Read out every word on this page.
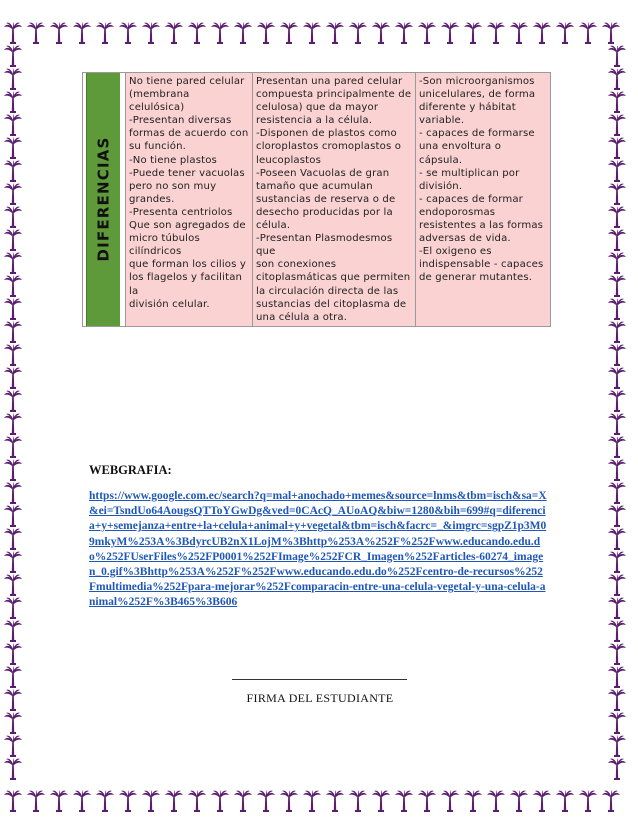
DIFERENCIAS

No tiene pared celular
(membrana
celulósica)
-Presentan diversas
formas de acuerdo con
su función.
-No tiene plastos
-Puede tener vacuolas
pero no son muy
grandes.
-Presenta centriolos
Que son agregados de
micro túbulos cilíndricos
que forman los cilios y
los flagelos y facilitan la
división celular.

Presentan una pared celular
compuesta principalmente de
celulosa) que da mayor
resistencia a la célula.
-Disponen de plastos como
cloroplastos cromoplastos o
leucoplastos
-Poseen Vacuolas de gran
tamaño que acumulan
sustancias de reserva o de
desecho producidas por la
célula.
-Presentan Plasmodesmos que
son conexiones
citoplasmáticas que permiten
la circulación directa de las
sustancias del citoplasma de
una célula a otra.

-Son microorganismos
unicelulares, de forma
diferente y hábitat
variable.
- capaces de formarse
una envoltura o cápsula.
- se multiplican por
división.
- capaces de formar
endoporosmas
resistentes a las formas
adversas de vida.
-El oxigeno es
indispensable - capaces
de generar mutantes.
WEBGRAFIA:
https://www.google.com.ec/search?q=mal+anochado+memes&source=lnms&tbm=isch&sa=X&ei=TsndUo64AougsQTToYGwDg&ved=0CAcQ_AUoAQ&biw=1280&bih=699#q=diferencia+y+semejanza+entre+la+celula+animal+y+vegetal&tbm=isch&facrc=_&imgrc=sgpZ1p3M09mkyM%253A%3BdyrcUB2nX1LojM%3Bhttp%253A%252F%252Fwww.educando.edu.do%252FUserFiles%252FP0001%252FImage%252FCR_Imagen%252Farticles-60274_imagen_0.gif%3Bhttp%253A%252F%252Fwww.educando.edu.do%252Fcentro-de-recursos%252Fmultimedia%252Fpara-mejorar%252Fcomparacin-entre-una-celula-vegetal-y-una-celula-animal%252F%3B465%3B606
FIRMA DEL ESTUDIANTE
